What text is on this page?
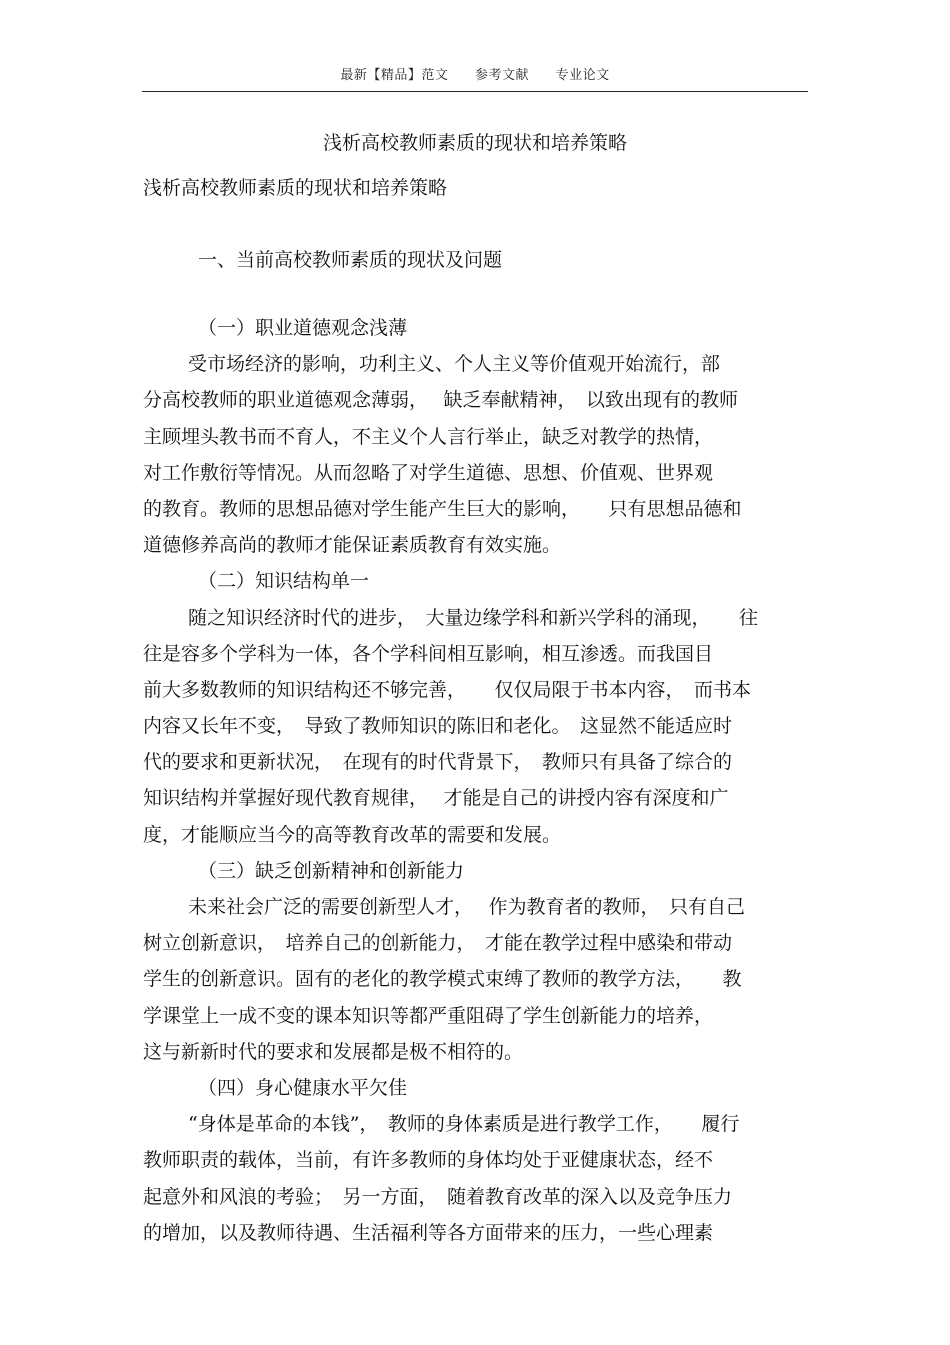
最新【精品】范文 参考文献 专业论文
浅析高校教师素质的现状和培养策略
浅析高校教师素质的现状和培养策略
一、当前高校教师素质的现状及问题
（一）职业道德观念浅薄
受市场经济的影响，功利主义、个人主义等价值观开始流行，部
分高校教师的职业道德观念薄弱，　 缺乏奉献精神，　以致出现有的教师
主顾埋头教书而不育人，不主义个人言行举止，缺乏对教学的热情，
对工作敷衍等情况。从而忽略了对学生道德、思想、价值观、世界观
的教育。教师的思想品德对学生能产生巨大的影响，　　只有思想品德和
道德修养高尚的教师才能保证素质教育有效实施。
（二）知识结构单一
随之知识经济时代的进步，　大量边缘学科和新兴学科的涌现，　　往
往是容多个学科为一体，各个学科间相互影响，相互渗透。而我国目
前大多数教师的知识结构还不够完善，　　仅仅局限于书本内容，　而书本
内容又长年不变，　导致了教师知识的陈旧和老化。　这显然不能适应时
代的要求和更新状况，　在现有的时代背景下，　教师只有具备了综合的
知识结构并掌握好现代教育规律，　 才能是自己的讲授内容有深度和广
度，才能顺应当今的高等教育改革的需要和发展。
（三）缺乏创新精神和创新能力
未来社会广泛的需要创新型人才，　 作为教育者的教师，　只有自己
树立创新意识，　培养自己的创新能力，　才能在教学过程中感染和带动
学生的创新意识。固有的老化的教学模式束缚了教师的教学方法，　　教
学课堂上一成不变的课本知识等都严重阻碍了学生创新能力的培养，
这与新新时代的要求和发展都是极不相符的。
（四）身心健康水平欠佳
“身体是革命的本钱”，　教师的身体素质是进行教学工作，　　履行
教师职责的载体，当前，有许多教师的身体均处于亚健康状态，经不
起意外和风浪的考验；　另一方面，　随着教育改革的深入以及竞争压力
的增加，以及教师待遇、生活福利等各方面带来的压力，一些心理素
